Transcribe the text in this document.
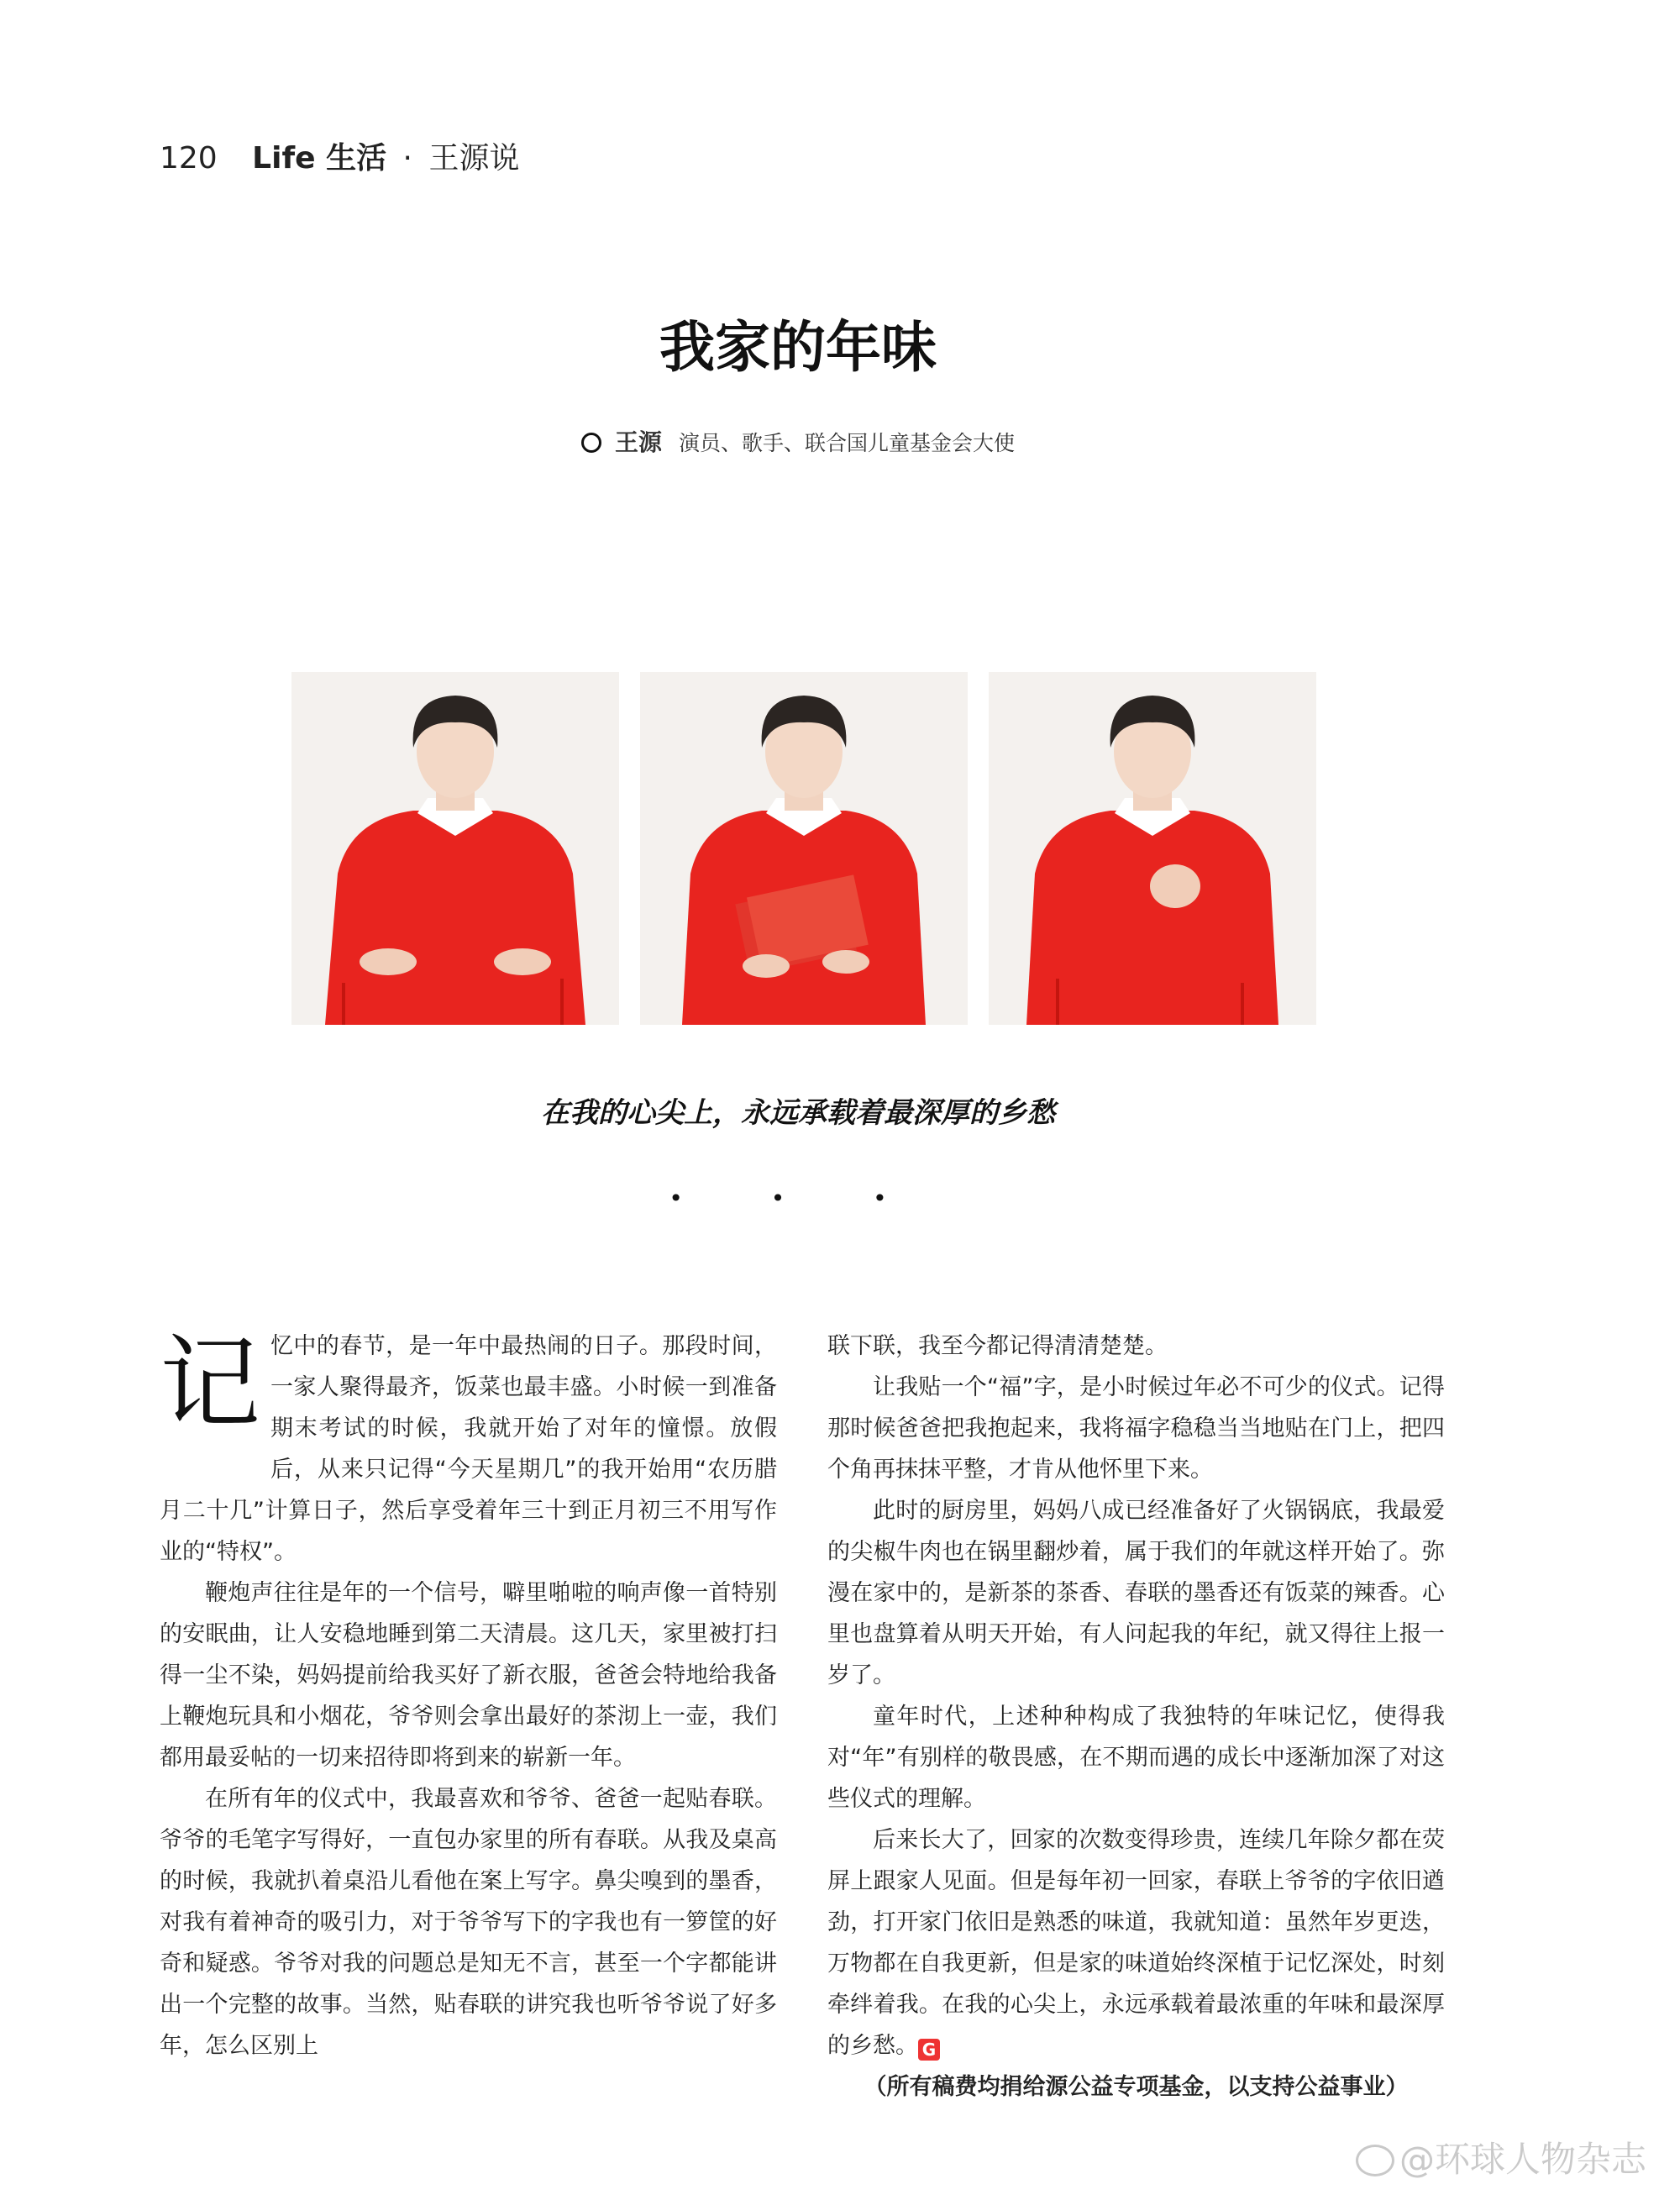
120 Life 生活 · 王源说
我家的年味
王源 演员、歌手、联合国儿童基金会大使
在我的心尖上，永远承载着最深厚的乡愁
• • •
记 忆中的春节，是一年中最热闹的日子。那段时间，一家人聚得最齐，饭菜也最丰盛。小时候一到准备期末考试的时候，我就开始了对年的憧憬。放假后，从来只记得“今天星期几”的我开始用“农历腊月二十几”计算日子，然后享受着年三十到正月初三不用写作业的“特权”。

鞭炮声往往是年的一个信号，噼里啪啦的响声像一首特别的安眠曲，让人安稳地睡到第二天清晨。这几天，家里被打扫得一尘不染，妈妈提前给我买好了新衣服，爸爸会特地给我备上鞭炮玩具和小烟花，爷爷则会拿出最好的茶沏上一壶，我们都用最妥帖的一切来招待即将到来的崭新一年。

在所有年的仪式中，我最喜欢和爷爷、爸爸一起贴春联。爷爷的毛笔字写得好，一直包办家里的所有春联。从我及桌高的时候，我就扒着桌沿儿看他在案上写字。鼻尖嗅到的墨香，对我有着神奇的吸引力，对于爷爷写下的字我也有一箩筐的好奇和疑惑。爷爷对我的问题总是知无不言，甚至一个字都能讲出一个完整的故事。当然，贴春联的讲究我也听爷爷说了好多年，怎么区别上

联下联，我至今都记得清清楚楚。

让我贴一个“福”字，是小时候过年必不可少的仪式。记得那时候爸爸把我抱起来，我将福字稳稳当当地贴在门上，把四个角再抹抹平整，才肯从他怀里下来。

此时的厨房里，妈妈八成已经准备好了火锅锅底，我最爱的尖椒牛肉也在锅里翻炒着，属于我们的年就这样开始了。弥漫在家中的，是新茶的茶香、春联的墨香还有饭菜的辣香。心里也盘算着从明天开始，有人问起我的年纪，就又得往上报一岁了。

童年时代，上述种种构成了我独特的年味记忆，使得我对“年”有别样的敬畏感，在不期而遇的成长中逐渐加深了对这些仪式的理解。

后来长大了，回家的次数变得珍贵，连续几年除夕都在荧屏上跟家人见面。但是每年初一回家，春联上爷爷的字依旧遒劲，打开家门依旧是熟悉的味道，我就知道：虽然年岁更迭，万物都在自我更新，但是家的味道始终深植于记忆深处，时刻牵绊着我。在我的心尖上，永远承载着最浓重的年味和最深厚的乡愁。 G

（所有稿费均捐给源公益专项基金，以支持公益事业）

@环球人物杂志
